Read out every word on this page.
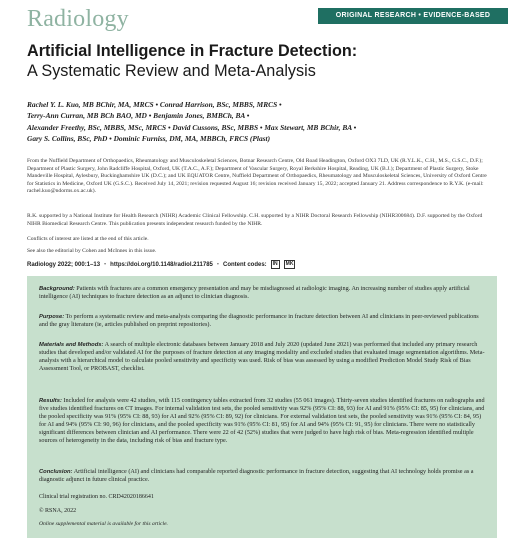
Radiology	ORIGINAL RESEARCH • EVIDENCE-BASED PRACTICE
Artificial Intelligence in Fracture Detection:
A Systematic Review and Meta-Analysis
Rachel Y. L. Kuo, MB BChir, MA, MRCS • Conrad Harrison, BSc, MBBS, MRCS •
Terry-Ann Curran, MB BCh BAO, MD • Benjamin Jones, BMBCh, BA •
Alexander Freethy, BSc, MBBS, MSc, MRCS • David Cussons, BSc, MBBS • Max Stewart, MB BChir, BA •
Gary S. Collins, BSc, PhD • Dominic Furniss, DM, MA, MBBCh, FRCS (Plast)
From the Nuffield Department of Orthopaedics, Rheumatology and Musculoskeletal Sciences, Botnar Research Centre, Old Road Headington, Oxford OX3 7LD, UK (R.Y.L.K., C.H., M.S., G.S.C., D.F.); Department of Plastic Surgery, John Radcliffe Hospital, Oxford, UK (T.A.C., A.F.); Department of Vascular Surgery, Royal Berkshire Hospital, Reading, UK (B.J.); Department of Plastic Surgery, Stoke Mandeville Hospital, Aylesbury, Buckinghamshire UK (D.C.); and UK EQUATOR Centre, Nuffield Department of Orthopaedics, Rheumatology and Musculoskeletal Sciences, University of Oxford Centre for Statistics in Medicine, Oxford UK (G.S.C.). Received July 14, 2021; revision requested August 16; revision received January 15, 2022; accepted January 21. Address correspondence to R.Y.K. (e-mail: rachel.kuo@ndorms.ox.ac.uk).
R.K. supported by a National Institute for Health Research (NIHR) Academic Clinical Fellowship. C.H. supported by a NIHR Doctoral Research Fellowship (NIHR300684). D.F. supported by the Oxford NIHR Biomedical Research Centre. This publication presents independent research funded by the NIHR.
Conflicts of interest are listed at the end of this article.
See also the editorial by Cohen and McInnes in this issue.
Radiology 2022; 000:1–13 • https://doi.org/10.1148/radiol.211785 • Content codes:	IN	MK
Background: Patients with fractures are a common emergency presentation and may be misdiagnosed at radiologic imaging. An increasing number of studies apply artificial intelligence (AI) techniques to fracture detection as an adjunct to clinician diagnosis.
Purpose: To perform a systematic review and meta-analysis comparing the diagnostic performance in fracture detection between AI and clinicians in peer-reviewed publications and the gray literature (ie, articles published on preprint repositories).
Materials and Methods: A search of multiple electronic databases between January 2018 and July 2020 (updated June 2021) was performed that included any primary research studies that developed and/or validated AI for the purposes of fracture detection at any imaging modality and excluded studies that evaluated image segmentation algorithms. Meta-analysis with a hierarchical model to calculate pooled sensitivity and specificity was used. Risk of bias was assessed by using a modified Prediction Model Study Risk of Bias Assessment Tool, or PROBAST, checklist.
Results: Included for analysis were 42 studies, with 115 contingency tables extracted from 32 studies (55 061 images). Thirty-seven studies identified fractures on radiographs and five studies identified fractures on CT images. For internal validation test sets, the pooled sensitivity was 92% (95% CI: 88, 93) for AI and 91% (95% CI: 85, 95) for clinicians, and the pooled specificity was 91% (95% CI: 88, 93) for AI and 92% (95% CI: 89, 92) for clinicians. For external validation test sets, the pooled sensitivity was 91% (95% CI: 84, 95) for AI and 94% (95% CI: 90, 96) for clinicians, and the pooled specificity was 91% (95% CI: 81, 95) for AI and 94% (95% CI: 91, 95) for clinicians. There were no statistically significant differences between clinician and AI performance. There were 22 of 42 (52%) studies that were judged to have high risk of bias. Meta-regression identified multiple sources of heterogeneity in the data, including risk of bias and fracture type.
Conclusion: Artificial intelligence (AI) and clinicians had comparable reported diagnostic performance in fracture detection, suggesting that AI technology holds promise as a diagnostic adjunct in future clinical practice.
Clinical trial registration no. CRD42020186641
© RSNA, 2022
Online supplemental material is available for this article.
